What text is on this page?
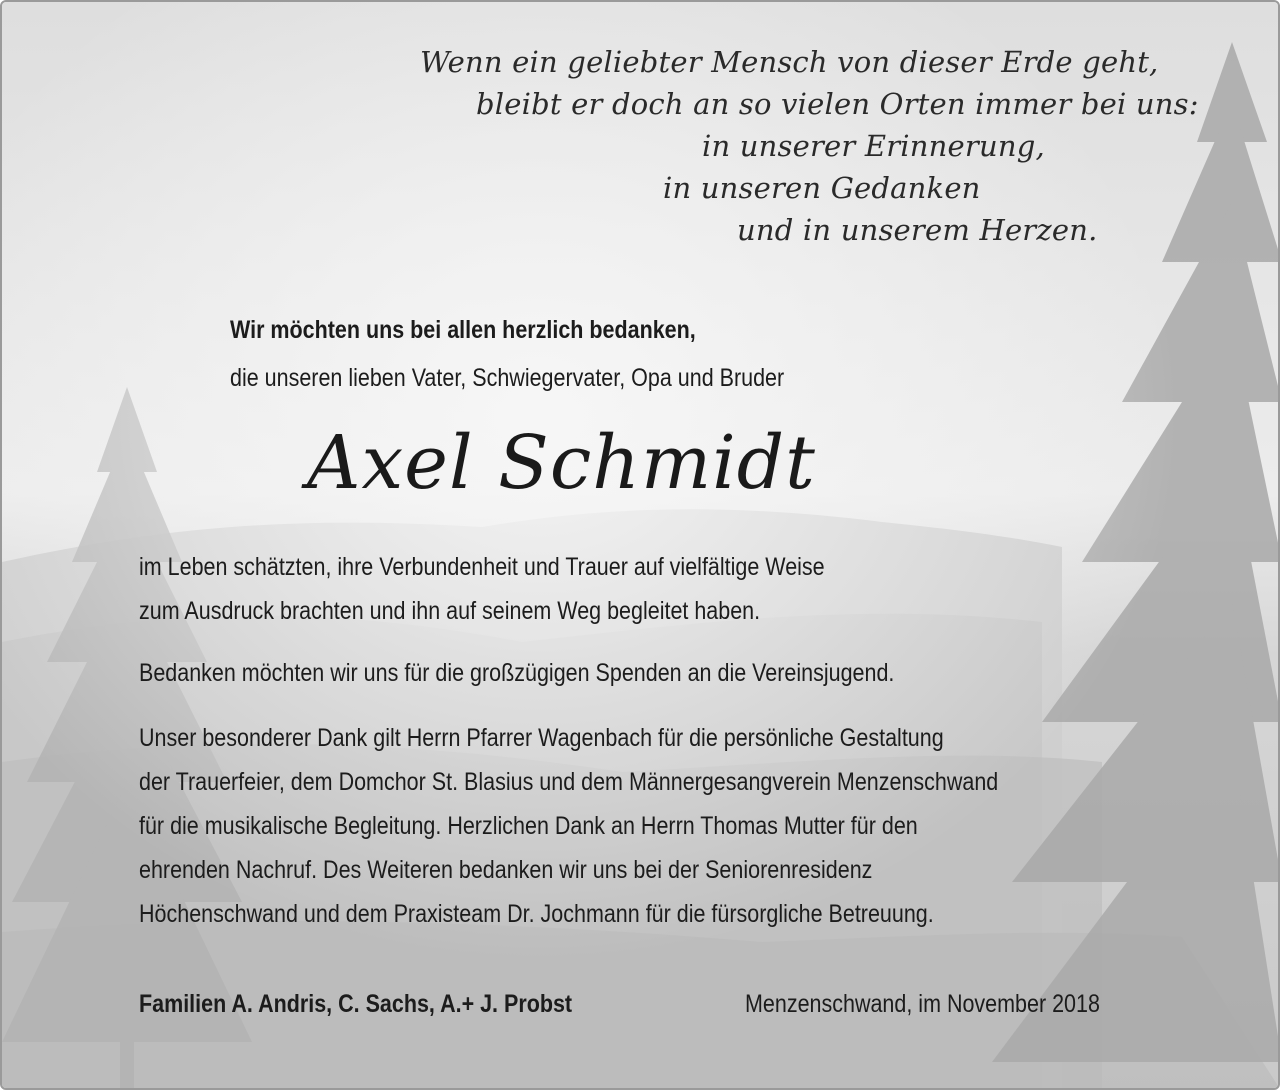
Wenn ein geliebter Mensch von dieser Erde geht,
bleibt er doch an so vielen Orten immer bei uns:
in unserer Erinnerung,
in unseren Gedanken
und in unserem Herzen.
Wir möchten uns bei allen herzlich bedanken,
die unseren lieben Vater, Schwiegervater, Opa und Bruder
Axel Schmidt
im Leben schätzten, ihre Verbundenheit und Trauer auf vielfältige Weise
zum Ausdruck brachten und ihn auf seinem Weg begleitet haben.
Bedanken möchten wir uns für die großzügigen Spenden an die Vereinsjugend.
Unser besonderer Dank gilt Herrn Pfarrer Wagenbach für die persönliche Gestaltung
der Trauerfeier, dem Domchor St. Blasius und dem Männergesangverein Menzenschwand
für die musikalische Begleitung. Herzlichen Dank an Herrn Thomas Mutter für den
ehrenden Nachruf. Des Weiteren bedanken wir uns bei der Seniorenresidenz
Höchenschwand und dem Praxisteam Dr. Jochmann für die fürsorgliche Betreuung.
Familien A. Andris, C. Sachs, A.+ J. Probst	Menzenschwand, im November 2018
